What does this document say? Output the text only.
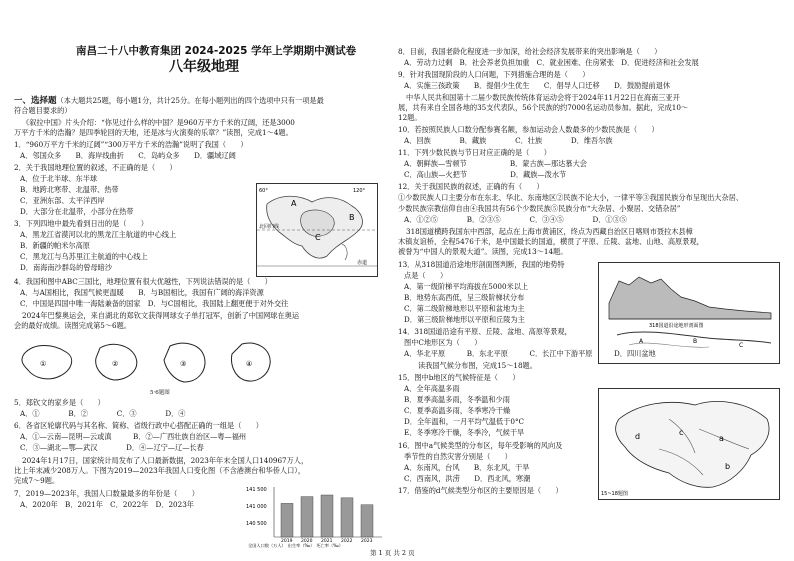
南昌二十八中教育集团 2024-2025 学年上学期期中测试卷
八年级地理
一、选择题（本大题共25题，每小题1分，共计25分。在每小题列出的四个选项中只有一项是最
符合题目要求的）
《叙拉中国》片头介绍：“你见过什么样的中国？是960万平方千米的辽阔，还是3000
万平方千米的浩瀚？是四季轮回的天地，还是冰与火演奏的乐章？”读图，完成1～4题。
1．“960万平方千米的辽阔”“300万平方千米的浩瀚”说明了我国（　　）
A．邻国众多　　B．海岸线曲折　　C．岛屿众多　　D．疆域辽阔
2．关于我国地理位置的叙述，不正确的是（　　）
A．位于北半球、东半球
B．地跨北寒带、北温带、热带
C．亚洲东部、太平洋西岸
D．大部分在北温带，小部分在热带
3．下列四地中最先看到日出的是（　　）
A．黑龙江省漠河以北的黑龙江主航道的中心线上
B．新疆的帕米尔高原
C．黑龙江与乌苏里江主航道的中心线上
D．南海南沙群岛的曾母暗沙
A
B
C
赤道
北回归线
60°	120°
4．我国和图中ABC三国比，地理位置有很大优越性，下列说法错误的是（　　）
A．与A国相比，我国气候更温暖　　B．与B国相比，我国有广阔的海洋资源
C．中国是四国中唯一海陆兼备的国家　D．与C国相比，我国陆上翻更便于对外交往
2024年巴黎奥运会，来自湖北的郑钦文获得网球女子单打冠军，创新了中国网球在奥运
会的最好成绩。读图完成第5～6题。
①	②	③	④
5·6题图
5．郑钦文的家乡是（　　）
A．①　　　　B．②　　　　C．③　　　　D．④
6．各省区轮廓代码与其名称、简称、省级行政中心搭配正确的一组是（　　）
A．①—云南—昆明—云或滇　　　B．②—广西壮族自治区—粤—福州
C．③—湖北—鄂—武汉　　　　D．④—辽宁—辽—长春
2024年1月17日，国家统计局发布了人口最新数据，2023年年末全国人口140967万人，
比上年末减少208万人。下图为2019—2023年我国人口变化图（不含港澳台和华侨人口），
完成7～9题。
7．2019—2023年，我国人口数量最多的年份是（　　）
A．2020年　B．2021年　C．2022年　D．2023年
141 500
141 000
140 500
2019 2020 2021 2022 2023
全国人口数（万人）　出生率（‰）　死亡率（‰）
8．目前，我国老龄化程度进一步加深，给社会经济发展带来的突出影响是（　　）
A．劳动力过剩　B．社会养老负担加重　C．就业困难、住房紧张　D．促进经济和社会发展
9．针对我国现阶段的人口问题，下列措施合理的是（　　）
A．实施三孩政策　　B．提倡少生优生　　C．倡导人口迁移　　D．鼓励提前退休
中华人民共和国第十二届少数民族传统体育运动会将于2024年11月22日在海南三亚开
展，共有来自全国各地的35支代表队，56个民族的约7000名运动员参加。据此，完成10～
12题。
10．若按照民族人口数分配参赛名额，参加运动会人数最多的少数民族是（　　）
A．回族　　　　B．藏族　　　　C．壮族　　　　D．维吾尔族
11．下列少数民族与节日对应正确的是（　　）
A．朝鲜族—雪顿节　　　　　　B．蒙古族—那达慕大会
C．高山族—火把节　　　　　　D．藏族—泼水节
12．关于我国民族的叙述，正确的有（　　）
①少数民族人口主要分布在东北、华北、东南地区②民族不论大小，一律平等③我国民族分布呈现出大杂居、
少数民族宗教信仰自由④我国共有56个少数民族⑤民族分布“大杂居、小聚居、交错杂居”
A．①②⑤　　　　B．②③⑤　　　　C．③④⑤　　　　D．①③⑤
318国道横跨我国东中西部，起点在上海市黄浦区，终点为西藏自治区日喀则市聂拉木县樟
木镇友谊桥，全程5476千米，是中国最长的国道，横贯了平原、丘陵、盆地、山地、高原景观，
被誉为“中国人的景观大道”。读图，完成13～14题。
13．从318国道沿途地形剖面图判断，我国的地势特
点是（　　）
A．第一级阶梯平均海拔在5000米以上
B．地势东高西低，呈三级阶梯状分布
C．第二级阶梯地形以平原和盆地为主
D．第三级阶梯地形以平原和丘陵为主
318国道沿途地形剖面图
A	B
C
14．318国道沿途有平原、丘陵、盆地、高原等景观，
图中C地形区为（　　）
A．华北平原　　　B．东北平原　　　C．长江中下游平原　　　D．四川盆地
读我国气候分布图，完成15～18题。
15．图中b地区的气候特征是（　　）
A．全年高温多雨
B．夏季高温多雨，冬季温和少雨
C．夏季高温多雨，冬季寒冷干燥
D．全年温和，一月平均气温低于0°C
E．冬季寒冷干燥，冬季冷，气候干旱
a
b
c
d
15~18题图
16．图中a气候类型的分布区，每年受影响的风向及
季节性的自然灾害分别是（　　）
A．东南风，台风　　B．东北风，干旱
C．西南风，洪涝　　D．西北风，寒潮
17．借鉴的d气候类型分布区的主要原因是（　　）
第 1 页 共 2 页
